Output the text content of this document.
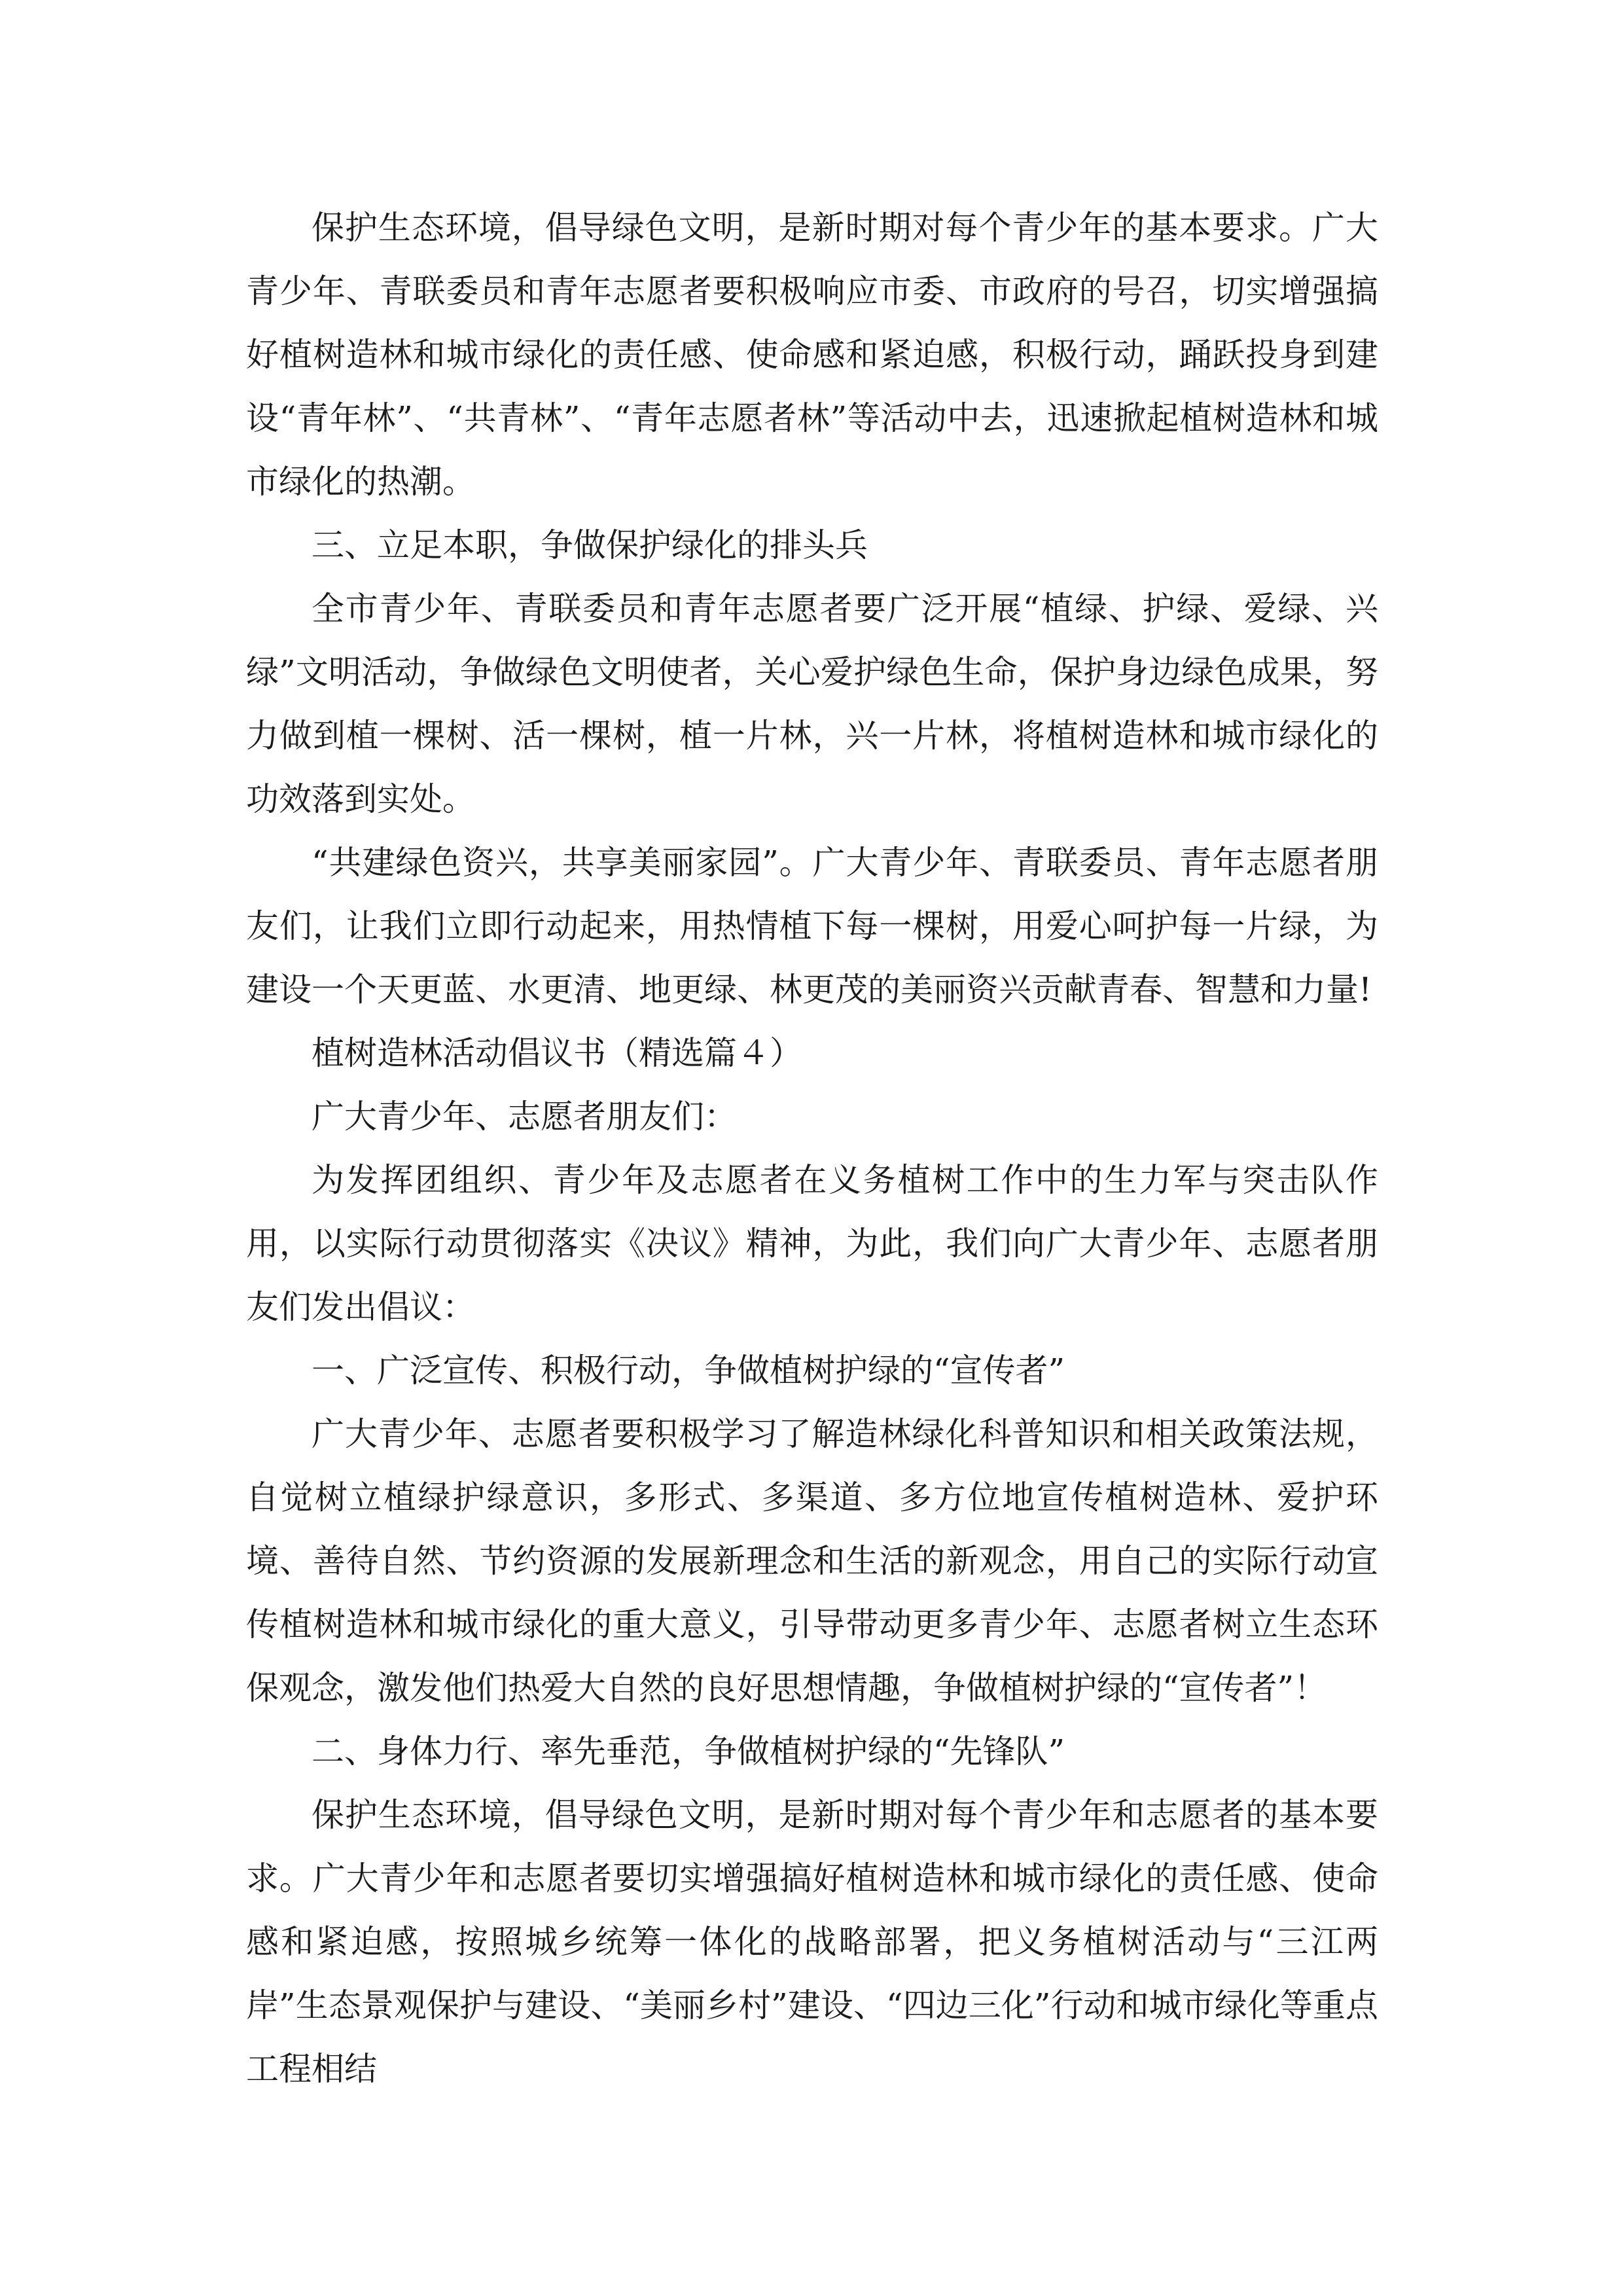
保护生态环境，倡导绿色文明，是新时期对每个青少年的基本要求。广大青少年、青联委员和青年志愿者要积极响应市委、市政府的号召，切实增强搞好植树造林和城市绿化的责任感、使命感和紧迫感，积极行动，踊跃投身到建设“青年林”、“共青林”、“青年志愿者林”等活动中去，迅速掀起植树造林和城市绿化的热潮。

三、立足本职，争做保护绿化的排头兵

全市青少年、青联委员和青年志愿者要广泛开展“植绿、护绿、爱绿、兴绿”文明活动，争做绿色文明使者，关心爱护绿色生命，保护身边绿色成果，努力做到植一棵树、活一棵树，植一片林，兴一片林，将植树造林和城市绿化的功效落到实处。

“共建绿色资兴，共享美丽家园”。广大青少年、青联委员、青年志愿者朋友们，让我们立即行动起来，用热情植下每一棵树，用爱心呵护每一片绿，为建设一个天更蓝、水更清、地更绿、林更茂的美丽资兴贡献青春、智慧和力量!

植树造林活动倡议书（精选篇４）

广大青少年、志愿者朋友们：

为发挥团组织、青少年及志愿者在义务植树工作中的生力军与突击队作用，以实际行动贯彻落实《决议》精神，为此，我们向广大青少年、志愿者朋友们发出倡议：

一、广泛宣传、积极行动，争做植树护绿的“宣传者”

广大青少年、志愿者要积极学习了解造林绿化科普知识和相关政策法规，自觉树立植绿护绿意识，多形式、多渠道、多方位地宣传植树造林、爱护环境、善待自然、节约资源的发展新理念和生活的新观念，用自己的实际行动宣传植树造林和城市绿化的重大意义，引导带动更多青少年、志愿者树立生态环保观念，激发他们热爱大自然的良好思想情趣，争做植树护绿的“宣传者”！

二、身体力行、率先垂范，争做植树护绿的“先锋队”

保护生态环境，倡导绿色文明，是新时期对每个青少年和志愿者的基本要求。广大青少年和志愿者要切实增强搞好植树造林和城市绿化的责任感、使命感和紧迫感，按照城乡统筹一体化的战略部署，把义务植树活动与“三江两岸”生态景观保护与建设、“美丽乡村”建设、“四边三化”行动和城市绿化等重点工程相结
